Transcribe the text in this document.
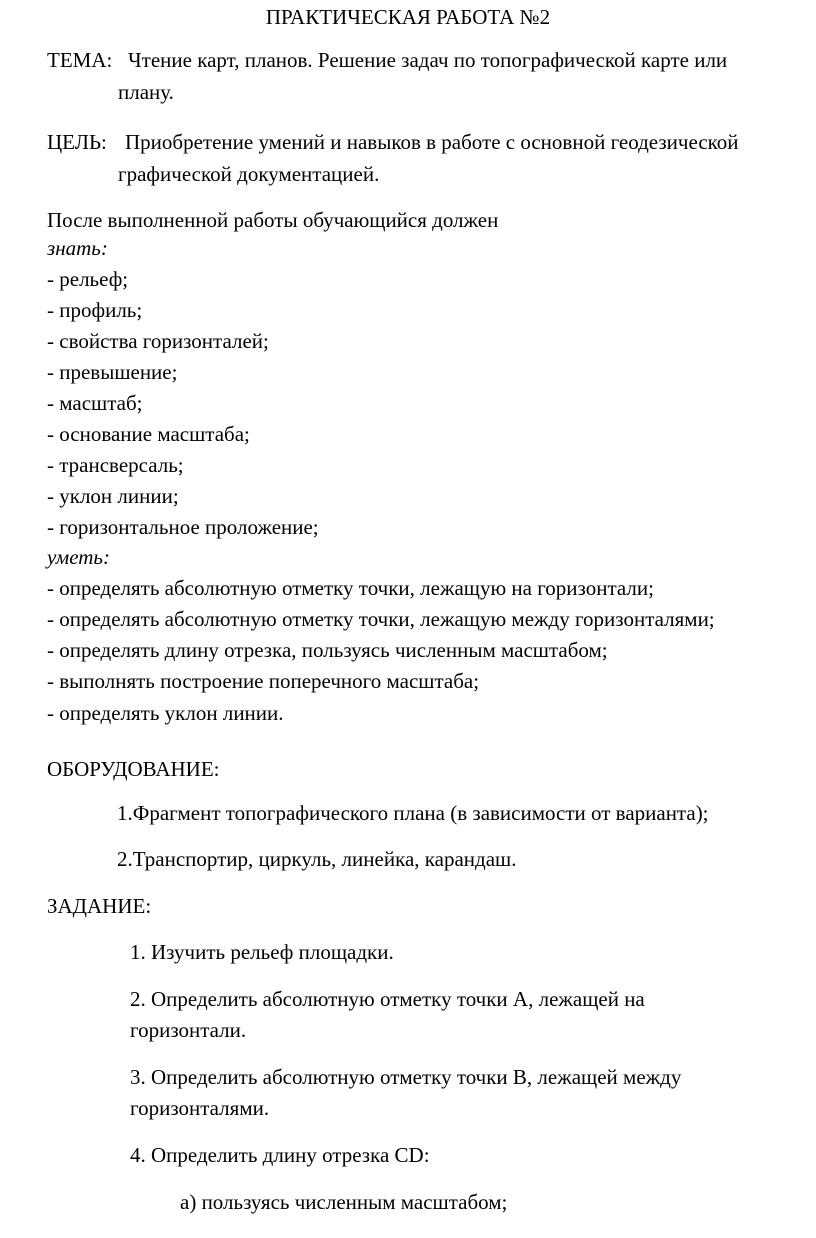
ПРАКТИЧЕСКАЯ РАБОТА №2
ТЕМА: Чтение карт, планов. Решение задач по топографической карте или
плану.
ЦЕЛЬ: Приобретение умений и навыков в работе с основной геодезической
графической документацией.
После выполненной работы обучающийся должен
знать:
- рельеф;
- профиль;
- свойства горизонталей;
- превышение;
- масштаб;
- основание масштаба;
- трансверсаль;
- уклон линии;
- горизонтальное проложение;
уметь:
- определять абсолютную отметку точки, лежащую на горизонтали;
- определять абсолютную отметку точки, лежащую между горизонталями;
- определять длину отрезка, пользуясь численным масштабом;
- выполнять построение поперечного масштаба;
- определять уклон линии.
ОБОРУДОВАНИЕ:
1.Фрагмент топографического плана (в зависимости от варианта);
2.Транспортир, циркуль, линейка, карандаш.
ЗАДАНИЕ:
1. Изучить рельеф площадки.
2. Определить абсолютную отметку точки А, лежащей на
горизонтали.
3. Определить абсолютную отметку точки В, лежащей между
горизонталями.
4. Определить длину отрезка CD:
а) пользуясь численным масштабом;
